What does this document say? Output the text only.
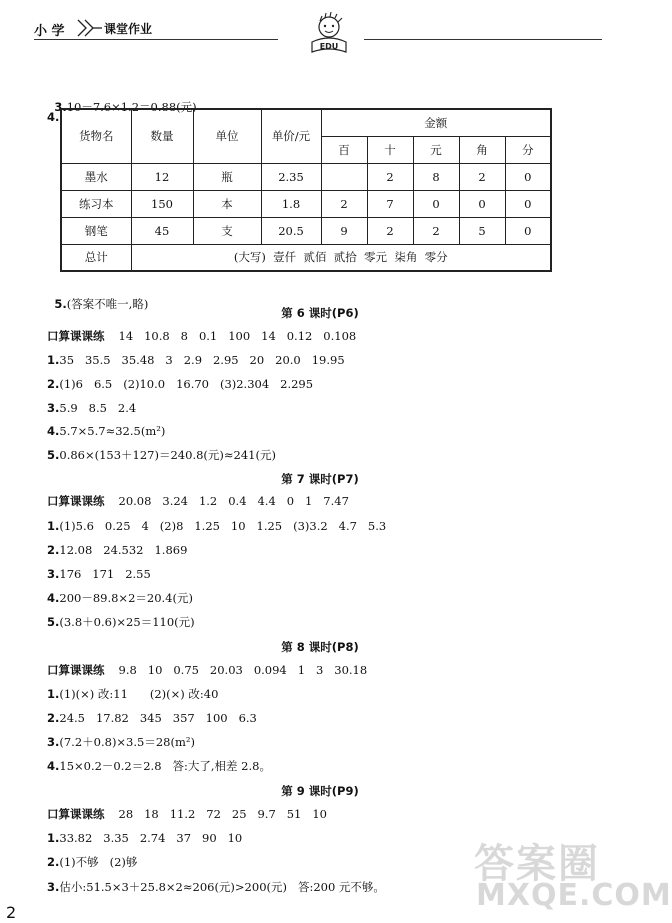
小 学	课堂作业
EDU

3.10－7.6×1.2＝0.88(元)

4.
货物名	数量	单位	单价/元	金额				
				百	十	元	角	分
墨水	12	瓶	2.35		2	8	2	0
练习本	150	本	1.8	2	7	0	0	0
钢笔	45	支	20.5	9	2	2	5	0
总计	(大写)  壹仟  贰佰  贰拾  零元  柒角  零分							

5.(答案不唯一,略)

第 6 课时(P6)
口算课课练 14   10.8   8   0.1   100   14   0.12   0.108
1.35   35.5   35.48   3   2.9   2.95   20   20.0   19.95
2.(1)6   6.5   (2)10.0   16.70   (3)2.304   2.295
3.5.9   8.5   2.4
4.5.7×5.7≈32.5(m²)
5.0.86×(153＋127)＝240.8(元)≈241(元)
第 7 课时(P7)
口算课课练 20.08   3.24   1.2   0.4   4.4   0   1   7.47
1.(1)5.6   0.25   4   (2)8   1.25   10   1.25   (3)3.2   4.7   5.3
2.12.08   24.532   1.869
3.176   171   2.55
4.200－89.8×2＝20.4(元)
5.(3.8＋0.6)×25＝110(元)
第 8 课时(P8)
口算课课练 9.8   10   0.75   20.03   0.094   1   3   30.18
1.(1)(×) 改:11      (2)(×) 改:40
2.24.5   17.82   345   357   100   6.3
3.(7.2＋0.8)×3.5＝28(m²)
4.15×0.2－0.2＝2.8   答:大了,相差 2.8。
第 9 课时(P9)
口算课课练 28   18   11.2   72   25   9.7   51   10
1.33.82   3.35   2.74   37   90   10
2.(1)不够   (2)够
3.估小:51.5×3＋25.8×2≈206(元)>200(元)   答:200 元不够。 答案圈
MXQE.COM
2
